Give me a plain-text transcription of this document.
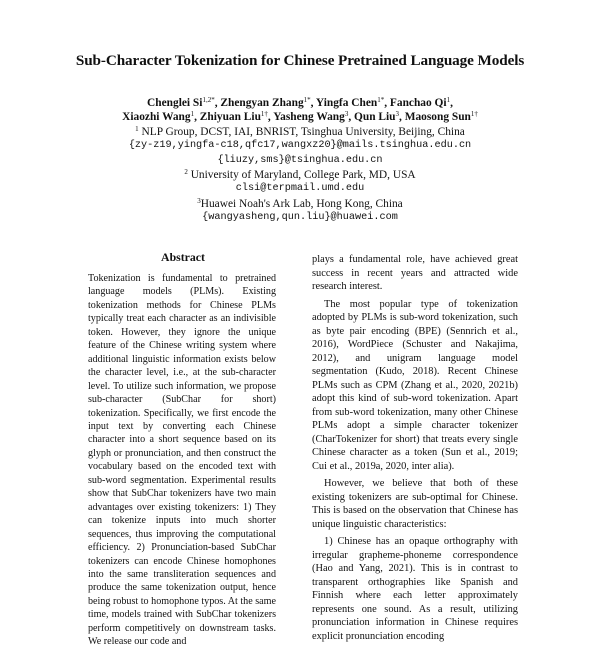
Sub-Character Tokenization for Chinese Pretrained Language Models
Chenglei $Si^{1,2*}$, Zhengyan Zhang$^{1*}$, Yingfa Chen$^{1*}$, Fanchao Qi$^1$,
Xiaozhi Wang$^1$, Zhiyuan Liu$^{1\dagger}$, Yasheng Wang$^3$, Qun Liu$^3$, Maosong Sun$^{1\dagger}$
$^1$ NLP Group, DCST, IAI, BNRIST, Tsinghua University, Beijing, China
{zy-z19,yingfa-c18,qfc17,wangxz20}@mails.tsinghua.edu.cn
{liuzy,sms}@tsinghua.edu.cn
$^2$ University of Maryland, College Park, MD, USA
clsi@terpmail.umd.edu
$^3$Huawei Noah's Ark Lab, Hong Kong, China
{wangyasheng,qun.liu}@huawei.com
Abstract

Tokenization is fundamental to pretrained language models (PLMs). Existing tokenization methods for Chinese PLMs typically treat each character as an indivisible token. However, they ignore the unique feature of the Chinese writing system where additional linguistic information exists below the character level, i.e., at the sub-character level. To utilize such information, we propose sub-character (SubChar for short) tokenization. Specifically, we first encode the input text by converting each Chinese character into a short sequence based on its glyph or pronunciation, and then construct the vocabulary based on the encoded text with sub-word segmentation. Experimental results show that SubChar tokenizers have two main advantages over existing tokenizers: 1) They can tokenize inputs into much shorter sequences, thus improving the computational efficiency. 2) Pronunciation-based SubChar tokenizers can encode Chinese homophones into the same transliteration sequences and produce the same tokenization output, hence being robust to homophone typos. At the same time, models trained with SubChar tokenizers perform competitively on downstream tasks. We release our code and

plays a fundamental role, have achieved great success in recent years and attracted wide research interest.

The most popular type of tokenization adopted by PLMs is sub-word tokenization, such as byte pair encoding (BPE) (Sennrich et al., 2016), WordPiece (Schuster and Nakajima, 2012), and unigram language model segmentation (Kudo, 2018). Recent Chinese PLMs such as CPM (Zhang et al., 2020, 2021b) adopt this kind of sub-word tokenization. Apart from sub-word tokenization, many other Chinese PLMs adopt a simple character tokenizer (CharTokenizer for short) that treats every single Chinese character as a token (Sun et al., 2019; Cui et al., 2019a, 2020, inter alia).

However, we believe that both of these existing tokenizers are sub-optimal for Chinese. This is based on the observation that Chinese has unique linguistic characteristics:

1) Chinese has an opaque orthography with irregular grapheme-phoneme correspondence (Hao and Yang, 2021). This is in contrast to transparent orthographies like Spanish and Finnish where each letter approximately represents one sound. As a result, utilizing pronunciation information in Chinese requires explicit pronunciation encoding
